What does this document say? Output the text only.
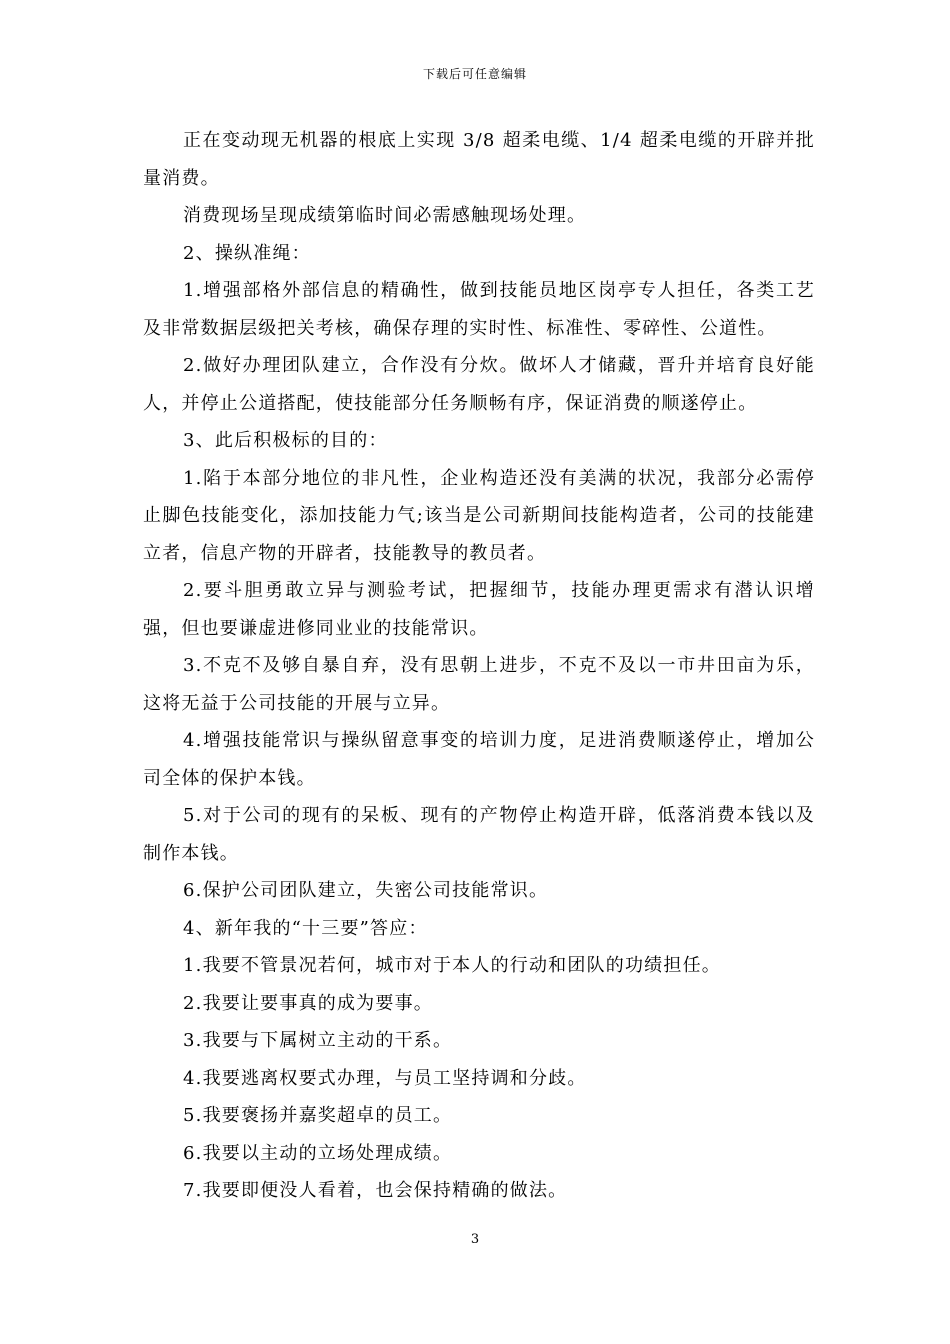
下载后可任意编辑

正在变动现无机器的根底上实现 3/8 超柔电缆、1/4 超柔电缆的开辟并批量消费。

消费现场呈现成绩第临时间必需感触现场处理。

2、操纵准绳：

1.增强部格外部信息的精确性，做到技能员地区岗亭专人担任，各类工艺及非常数据层级把关考核，确保存理的实时性、标准性、零碎性、公道性。

2.做好办理团队建立，合作没有分炊。做坏人才储藏，晋升并培育良好能人，并停止公道搭配，使技能部分任务顺畅有序，保证消费的顺遂停止。

3、此后积极标的目的：

1.陷于本部分地位的非凡性，企业构造还没有美满的状况，我部分必需停止脚色技能变化，添加技能力气;该当是公司新期间技能构造者，公司的技能建立者，信息产物的开辟者，技能教导的教员者。

2.要斗胆勇敢立异与测验考试，把握细节，技能办理更需求有潜认识增强，但也要谦虚进修同业业的技能常识。

3.不克不及够自暴自弃，没有思朝上进步，不克不及以一市井田亩为乐，这将无益于公司技能的开展与立异。

4.增强技能常识与操纵留意事变的培训力度，足进消费顺遂停止，增加公司全体的保护本钱。

5.对于公司的现有的呆板、现有的产物停止构造开辟，低落消费本钱以及制作本钱。

6.保护公司团队建立，失密公司技能常识。

4、新年我的“十三要”答应：

1.我要不管景况若何，城市对于本人的行动和团队的功绩担任。

2.我要让要事真的成为要事。

3.我要与下属树立主动的干系。

4.我要逃离权要式办理，与员工坚持调和分歧。

5.我要褒扬并嘉奖超卓的员工。

6.我要以主动的立场处理成绩。

7.我要即便没人看着，也会保持精确的做法。

3
